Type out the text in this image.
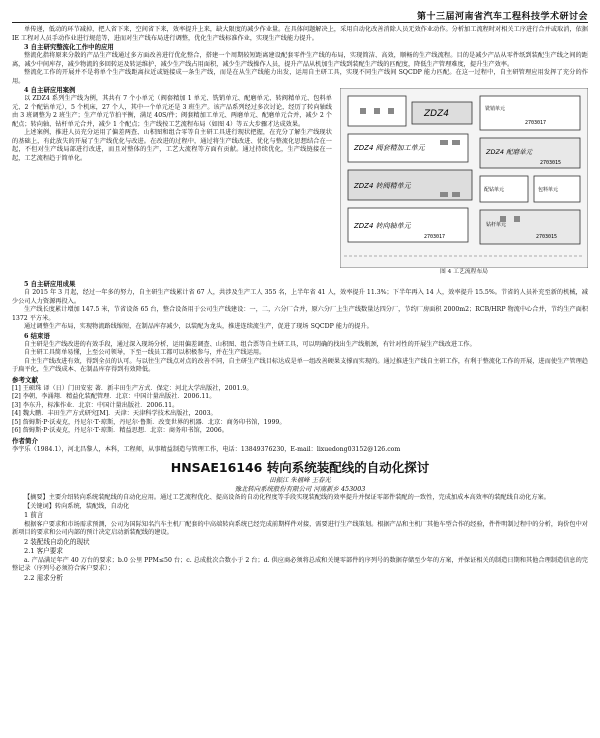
第十三届河南省汽车工程科技学术研讨会

单传递，低动的环节减掉，把人省下来，空间省下来，效率提升上来，缺大限度的减少作业量。在具体问题解决上，采用自动化改善消除人员无效作业动作。分析加工流程时对相关工序进行合并或取消，依据 IE 工程对人员手动作业进行规范等，进而对生产线布局进行调整，优化生产线标准作业，实现生产线能力提升。

3 自主研究整流化工作中的应用

整流化指将原来分散的产品生产线通过多方面改善进行优化整合，搭建一个周期较短距离建设配套零件生产线的布局，实现简洁、高效，顺畅的生产线流程。目的是减少产品从零件纸到装配生产线之间的距离，减少中间库存，减少物流的多回转运及转运维护，减少生产线占用面积，减少生产线操作人员，提升产品从机加生产线到装配生产线的匹配度，降低生产管理难度，提升生产效率。

整流化工作的开展并不是将单个生产线距离拉近或链接成一条生产线，而是在从生产线能力出发，运用自主研工具，实现不同生产线间 SQCDP 能力匹配。在这一过程中，自主研管理应用发挥了充分的作用。

ZDZ4	铣销单元
2703017
ZDZ4 阀套精加工单元	ZDZ4 配磨单元
2703015
ZDZ4 转阀精单元	配钻单元	包料单元
ZDZ4 转向轴单元
2703017
钻杆单元
2703015
图 4 工艺流程布局
4 自主研应用案例

以 ZDZ4 系列生产线为例，其共有 7 个小单元（阀套精加 1 单元、铣销单元、配磨单元、转阀精单元、包料单元、2 个配钻单元），5 个机床，27 个人，其中一个单元还是 3 班生产。该产品系列经过多次讨论，经历了转向轴线由 3 班调整为 2 班生产；生产单元节拍平衡，满足 40S/件；阀套精加工单元、两磨单元、配磨单元合并，减少 2 个配点；转向轴、钻杆单元合并，减少 1 个配点；生产线按工艺流程布局（如图 4）等五大步骤才达成效果。

上述案例，推进人员充分运用了偏差两查、山积图和组合零等自主研工具进行现状把握，在充分了解生产线现状的基础上，有此放失的开展了生产线优化与改进。在改进的过程中，通过将生产线改进、优化与整流化思想结合在一起，不但对生产线局部进行改进，而且对整体的生产，工艺大流程等方面有贡献。通过持续优化，生产线链接在一起，工艺流程趋于简单化。

5 自主研应用成果

自 2015 年 3 月起，经过一年多的努力，自主研生产线累计省 67 人，共涉及生产工人 355 名，上半年省 41 人，效率提升 11.3%；下半年再入 14 人，效率提升 15.5%。节省的人员补充至新的机械，减少公司人力资源再投入。

生产线长度累计增加 147.5 米，节省设备 65 台，整合设备用于公司生产线建设：一，二，六分厂合并，原六分厂上生产线数量达四分厂，节约厂房面积 2000m2；RCB/HRP 物流中心合并，节约生产面积 1372 平方米。

通过调整生产布局，实现物流路线缩短，在制品库存减少，以装配为龙头，推进连续流生产，促进了现场 SQCDP 能力的提升。

6 结束语

自主研是生产线改进的有效手段，通过深入现场分析，运用偏差调查、山积图、组合票等自主研工具，可以明确的找出生产线瓶颈，有针对性的开展生产线改进工作。

自主研工具简单易懂，上至公司领导，下至一线员工都可以积极参与，并在生产线运用。

自主生产线改进有效，得到全员的认可。与以往生产线点对点的改善不同，自主研生产线目标达成是单一组改善硬果支撑而实现的。通过推进生产线自主研工作，有利于整流化工作的开展，进而使生产管理趋于扁平化，生产线成本、在制品库存得到有效降低。

参考文献

[1] 王硕珠 译（日）门田安宏 著．新丰田生产方式．保定：河北大学出版社，2001.9。

[2] 李朝，李涌翔．精益化装配管理．北京：中国计量出版社．2006.11。

[3] 李东升，标准作业．北京：中国计量出版社．2006.11。

[4] 魏大鹏．丰田生产方式研究[M]．天津：天津科学技术出版社，2003。

[5] 詹姆斯·P·沃麦克，丹尼尔·T·琼斯，丹尼尔·鲁斯．改变世界的机器．北京：商务印书馆，1999。

[6] 詹姆斯·P·沃麦克，丹尼尔·T·琼斯．精益思想．北京：商务印书馆，2006。

作者简介

李宇乐（1984.1），河北昌黎人，本科，工程师，从事精益制造与管理工作，电话：13849376230，E-mail：lixuedong03152@126.com

HNSAE16146 转向系统装配线的自动化探讨
田振江 朱福峰 王春光
豫北转向系统股份有限公司 河南新乡 453003

【摘要】主要介绍转向系统装配线的自动化应用。通过工艺流程优化、提高设备的自动化程度等手段实现装配线的效率提升并保证零部件装配的一致性，完成加成本高效率的装配线自动化方案。

【关键词】转向系统，装配线，自动化

1 前言

根据客户要求和市场需求预测，公司为国际知名汽车主机厂配套的中高端转向系统已经完成前期样件对接，需要进行生产线策划。根据产品和主机厂其他车型合作的经验，件件明制过程中的分析，询价包中对新项目的要求和公司内部的预计决定启动新装配线的建设。

2 装配线自动化的现状
2.1 客户要求

a. 产品满足年产 40 万台的要求；b.0 公里 PPM≤50 台；c. 总成批次合数小于 2 台；d. 供应商必须将总成和关键零部件的序列号的数据存储至少年的方案，并保证相关的制造日期和其他合理制造信息的完整记录（序列号必须符合客户要求）；

2.2 需求分析
